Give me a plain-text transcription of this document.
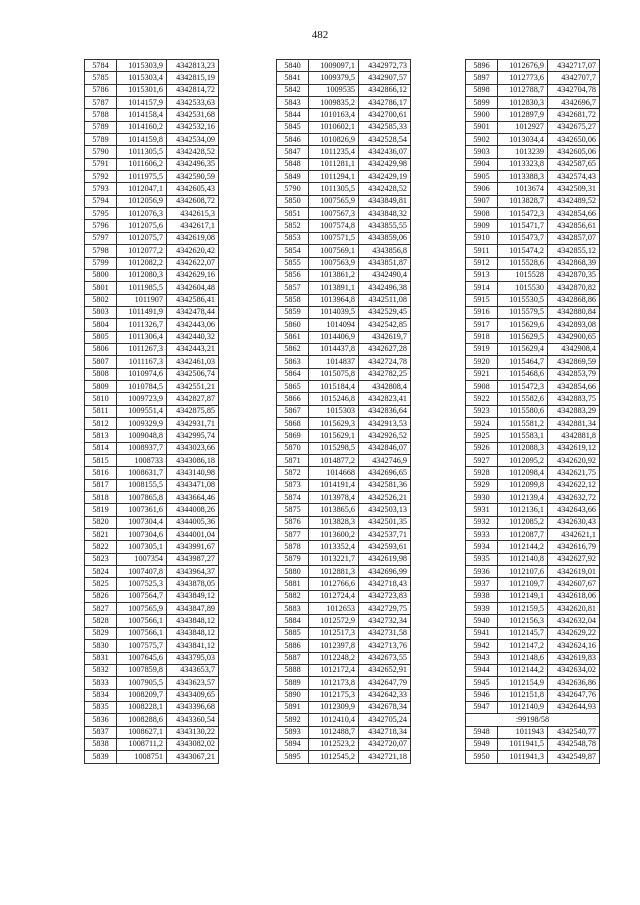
482
5784	1015303,9	4342813,23
5785	1015303,4	4342815,19
5786	1015301,6	4342814,72
5787	1014157,9	4342533,63
5788	1014158,4	4342531,68
5789	1014160,2	4342532,16
5789	1014159,8	4342534,09
5790	1011305,5	4342428,52
5791	1011606,2	4342496,35
5792	1011975,5	4342590,59
5793	1012047,1	4342605,43
5794	1012056,9	4342608,72
5795	1012076,3	4342615,3
5796	1012075,6	4342617,1
5797	1012075,7	4342619,08
5798	1012077,2	4342620,42
5799	1012082,2	4342622,07
5800	1012080,3	4342629,16
5801	1011985,5	4342604,48
5802	1011907	4342586,41
5803	1011491,9	4342478,44
5804	1011326,7	4342443,06
5805	1011306,4	4342440,32
5806	1011267,3	4342443,21
5807	1011167,3	4342461,03
5808	1010974,6	4342506,74
5809	1010784,5	4342551,21
5810	1009723,9	4342827,87
5811	1009551,4	4342875,85
5812	1009329,9	4342931,71
5813	1009048,8	4342995,74
5814	1008937,7	4343023,66
5815	1008733	4343086,18
5816	1008631,7	4343140,98
5817	1008155,5	4343471,08
5818	1007865,8	4343664,46
5819	1007361,6	4344008,26
5820	1007304,4	4344005,36
5821	1007304,6	4344001,04
5822	1007305,1	4343991,67
5823	1007354	4343987,27
5824	1007407,8	4343964,37
5825	1007525,3	4343878,05
5826	1007564,7	4343849,12
5827	1007565,9	4343847,89
5828	1007566,1	4343848,12
5829	1007566,1	4343848,12
5830	1007575,7	4343841,12
5831	1007645,6	4343795,03
5832	1007859,8	4343653,7
5833	1007905,5	4343623,57
5834	1008209,7	4343409,65
5835	1008228,1	4343396,68
5836	1008288,6	4343360,54
5837	1008627,1	4343130,22
5838	1008711,2	4343082,02
5839	1008751	4343067,21
5840	1009097,1	4342972,73
5841	1009379,5	4342907,57
5842	1009535	4342866,12
5843	1009835,2	4342786,17
5844	1010163,4	4342700,61
5845	1010602,1	4342585,33
5846	1010826,9	4342528,54
5847	1011235,4	4342436,07
5848	1011281,1	4342429,98
5849	1011294,1	4342429,19
5790	1011305,5	4342428,52
5850	1007565,9	4343849,81
5851	1007567,3	4343848,32
5852	1007574,8	4343855,55
5853	1007571,5	4343859,06
5854	1007569,1	4343856,8
5855	1007563,9	4343851,87
5856	1013861,2	4342490,4
5857	1013891,1	4342496,38
5858	1013964,8	4342511,08
5859	1014039,5	4342529,45
5860	1014094	4342542,85
5861	1014406,9	4342619,7
5862	1014437,8	4342627,28
5863	1014837	4342724,78
5864	1015075,8	4342782,25
5865	1015184,4	4342808,4
5866	1015246,8	4342823,41
5867	1015303	4342836,64
5868	1015629,3	4342913,53
5869	1015629,1	4342926,52
5870	1015298,5	4342846,07
5871	1014877,2	4342746,9
5872	1014668	4342696,65
5873	1014191,4	4342581,36
5874	1013978,4	4342526,21
5875	1013865,6	4342503,13
5876	1013828,3	4342501,35
5877	1013600,2	4342537,71
5878	1013352,4	4342593,61
5879	1013221,7	4342619,98
5880	1012881,3	4342696,99
5881	1012766,6	4342718,43
5882	1012724,4	4342723,83
5883	1012653	4342729,75
5884	1012572,9	4342732,34
5885	1012517,3	4342731,58
5886	1012397,8	4342713,76
5887	1012248,2	4342673,55
5888	1012172,4	4342652,91
5889	1012173,8	4342647,79
5890	1012175,3	4342642,33
5891	1012309,9	4342678,34
5892	1012410,4	4342705,24
5893	1012488,7	4342718,34
5894	1012523,2	4342720,07
5895	1012545,2	4342721,18
5896	1012676,9	4342717,07
5897	1012773,6	4342707,7
5898	1012788,7	4342704,78
5899	1012830,3	4342696,7
5900	1012897,9	4342681,72
5901	1012927	4342675,27
5902	1013034,4	4342650,06
5903	1013239	4342605,06
5904	1013323,8	4342587,65
5905	1013388,3	4342574,43
5906	1013674	4342509,31
5907	1013828,7	4342489,52
5908	1015472,3	4342854,66
5909	1015471,7	4342856,61
5910	1015473,7	4342857,07
5911	1015474,2	4342855,12
5912	1015528,6	4342868,39
5913	1015528	4342870,35
5914	1015530	4342870,82
5915	1015530,5	4342868,86
5916	1015579,5	4342880,84
5917	1015629,6	4342893,08
5918	1015629,5	4342900,65
5919	1015629,4	4342908,4
5920	1015464,7	4342869,59
5921	1015468,6	4342853,79
5908	1015472,3	4342854,66
5922	1015582,6	4342883,75
5923	1015580,6	4342883,29
5924	1015581,2	4342881,34
5925	1015583,1	4342881,8
5926	1012088,3	4342619,12
5927	1012095,2	4342620,92
5928	1012098,4	4342621,75
5929	1012099,8	4342622,12
5930	1012139,4	4342632,72
5931	1012136,1	4342643,66
5932	1012085,2	4342630,43
5933	1012087,7	4342621,1
5934	1012144,2	4342616,79
5935	1012140,8	4342627,92
5936	1012107,6	4342619,01
5937	1012109,7	4342607,67
5938	1012149,1	4342618,06
5939	1012159,5	4342620,81
5940	1012156,3	4342632,04
5941	1012145,7	4342629,22
5942	1012147,2	4342624,16
5943	1012148,6	4342619,83
5944	1012144,2	4342634,02
5945	1012154,9	4342636,86
5946	1012151,8	4342647,76
5947	1012140,9	4342644,93
:99198/58		
5948	1011943	4342540,77
5949	1011941,5	4342548,78
5950	1011941,3	4342549,87
